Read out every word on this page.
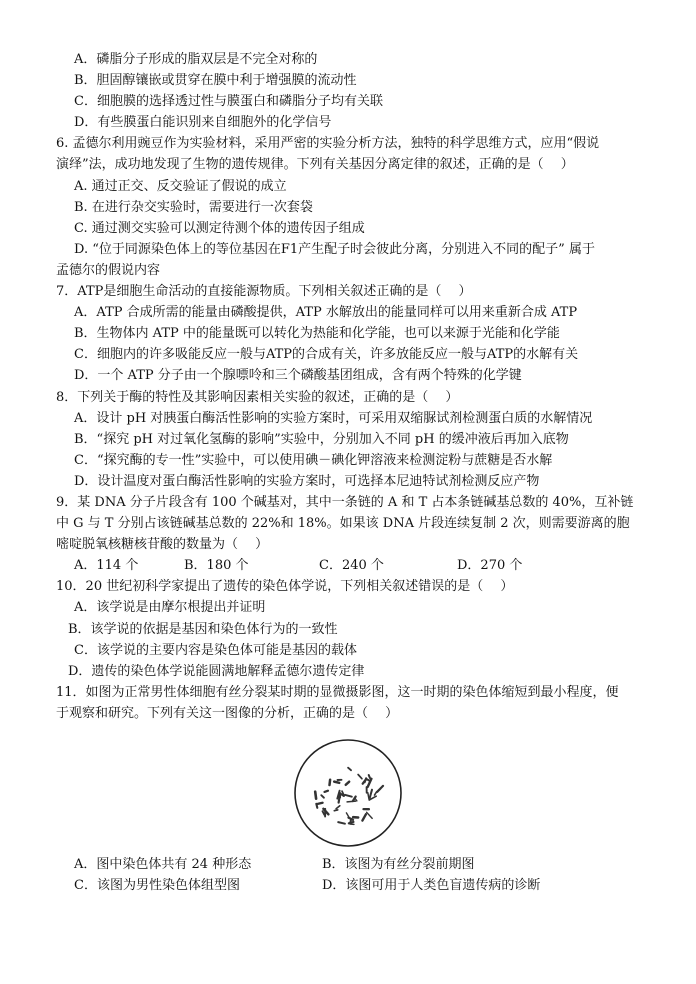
A．磷脂分子形成的脂双层是不完全对称的
B．胆固醇镶嵌或贯穿在膜中利于增强膜的流动性
C．细胞膜的选择透过性与膜蛋白和磷脂分子均有关联
D．有些膜蛋白能识别来自细胞外的化学信号
6. 孟德尔利用豌豆作为实验材料，采用严密的实验分析方法，独特的科学思维方式，应用“假说
演绎”法，成功地发现了生物的遗传规律。下列有关基因分离定律的叙述，正确的是（　 ）
A. 通过正交、反交验证了假说的成立
B. 在进行杂交实验时，需要进行一次套袋
C. 通过测交实验可以测定待测个体的遗传因子组成
D. “位于同源染色体上的等位基因在F1产生配子时会彼此分离，分别进入不同的配子” 属于
孟德尔的假说内容
7．ATP是细胞生命活动的直接能源物质。下列相关叙述正确的是（　 ）
A．ATP 合成所需的能量由磷酸提供，ATP 水解放出的能量同样可以用来重新合成 ATP
B．生物体内 ATP 中的能量既可以转化为热能和化学能，也可以来源于光能和化学能
C．细胞内的许多吸能反应一般与ATP的合成有关，许多放能反应一般与ATP的水解有关
D．一个 ATP 分子由一个腺嘌呤和三个磷酸基团组成，含有两个特殊的化学键
8．下列关于酶的特性及其影响因素相关实验的叙述，正确的是（　 ）
A．设计 pH 对胰蛋白酶活性影响的实验方案时，可采用双缩脲试剂检测蛋白质的水解情况
B．“探究 pH 对过氧化氢酶的影响”实验中，分别加入不同 pH 的缓冲液后再加入底物
C．“探究酶的专一性”实验中，可以使用碘－碘化钾溶液来检测淀粉与蔗糖是否水解
D．设计温度对蛋白酶活性影响的实验方案时，可选择本尼迪特试剂检测反应产物
9．某 DNA 分子片段含有 100 个碱基对，其中一条链的 A 和 T 占本条链碱基总数的 40%，互补链
中 G 与 T 分别占该链碱基总数的 22%和 18%。如果该 DNA 片段连续复制 2 次，则需要游离的胞
嘧啶脱氧核糖核苷酸的数量为（　 ）
A．114 个	B．180 个	C．240 个	D．270 个
10．20 世纪初科学家提出了遗传的染色体学说，下列相关叙述错误的是（　 ）
A．该学说是由摩尔根提出并证明
B．该学说的依据是基因和染色体行为的一致性
C．该学说的主要内容是染色体可能是基因的载体
D．遗传的染色体学说能圆满地解释孟德尔遗传定律
11．如图为正常男性体细胞有丝分裂某时期的显微摄影图，这一时期的染色体缩短到最小程度，便
于观察和研究。下列有关这一图像的分析，正确的是（　 ）
A．图中染色体共有 24 种形态	B．该图为有丝分裂前期图
C．该图为男性染色体组型图	D．该图可用于人类色盲遗传病的诊断
